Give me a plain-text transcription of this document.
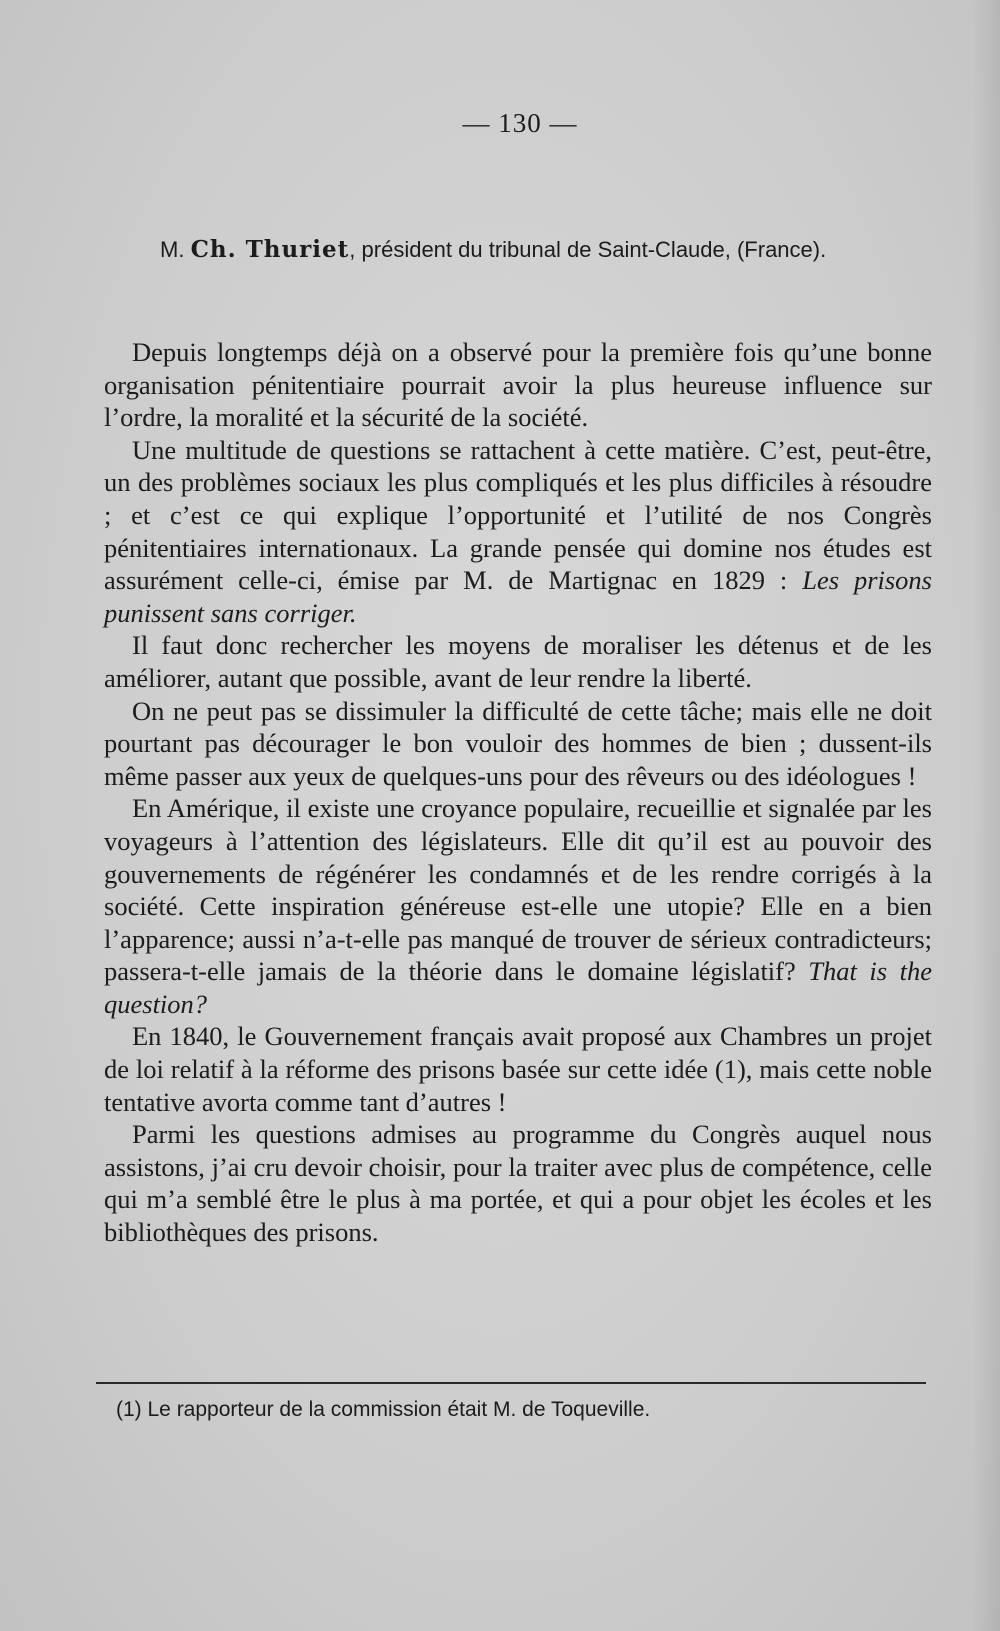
— 130 —
M. Ch. Thuriet, président du tribunal de Saint-Claude, (France).

Depuis longtemps déjà on a observé pour la première fois qu’une bonne organisation pénitentiaire pourrait avoir la plus heureuse influence sur l’ordre, la moralité et la sécurité de la société.

Une multitude de questions se rattachent à cette matière. C’est, peut-être, un des problèmes sociaux les plus compliqués et les plus difficiles à résoudre ; et c’est ce qui explique l’opportunité et l’utilité de nos Congrès pénitentiaires internationaux. La grande pensée qui domine nos études est assurément celle-ci, émise par M. de Martignac en 1829 : Les prisons punissent sans corriger.

Il faut donc rechercher les moyens de moraliser les détenus et de les améliorer, autant que possible, avant de leur rendre la liberté.

On ne peut pas se dissimuler la difficulté de cette tâche; mais elle ne doit pourtant pas décourager le bon vouloir des hommes de bien ; dussent-ils même passer aux yeux de quelques-uns pour des rêveurs ou des idéologues !

En Amérique, il existe une croyance populaire, recueillie et signalée par les voyageurs à l’attention des législateurs. Elle dit qu’il est au pouvoir des gouvernements de régénérer les condamnés et de les rendre corrigés à la société. Cette inspiration généreuse est-elle une utopie? Elle en a bien l’apparence; aussi n’a-t-elle pas manqué de trouver de sérieux contradicteurs; passera-t-elle jamais de la théorie dans le domaine législatif? That is the question?

En 1840, le Gouvernement français avait proposé aux Chambres un projet de loi relatif à la réforme des prisons basée sur cette idée (1), mais cette noble tentative avorta comme tant d’autres !

Parmi les questions admises au programme du Congrès auquel nous assistons, j’ai cru devoir choisir, pour la traiter avec plus de compétence, celle qui m’a semblé être le plus à ma portée, et qui a pour objet les écoles et les bibliothèques des prisons.

(1) Le rapporteur de la commission était M. de Toqueville.
